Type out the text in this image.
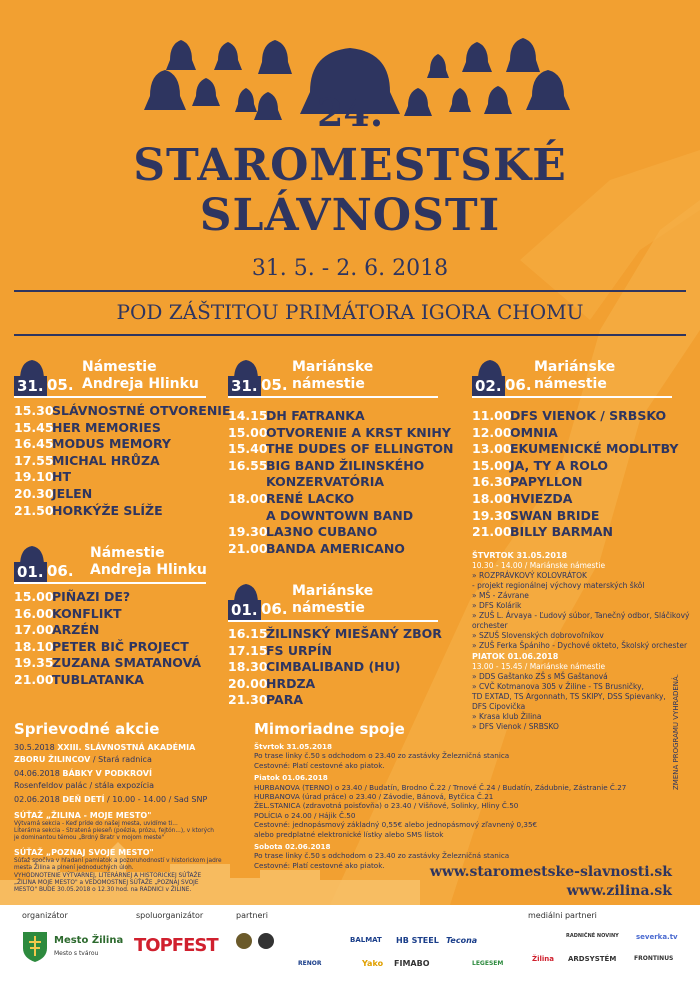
24.
STAROMESTSKÉ
SLÁVNOSTI
31. 5. - 2. 6. 2018
POD ZÁŠTITOU PRIMÁTORA IGORA CHOMU
31. 05.
Námestie
Andreja Hlinku
15.30
SLÁVNOSTNÉ OTVORENIE
15.45
HER MEMORIES
16.45
MODUS MEMORY
17.55
MICHAL HRŮZA
19.10
HT
20.30
JELEN
21.50
HORKÝŽE SLÍŽE
01. 06.
Námestie
Andreja Hlinku
15.00
PIÑAZI DE?
16.00
KONFLIKT
17.00
ARZÉN
18.10
PETER BIČ PROJECT
19.35
ZUZANA SMATANOVÁ
21.00
TUBLATANKA
31. 05.
Mariánske
námestie
14.15
DH FATRANKA
15.00
OTVORENIE A KRST KNIHY
15.40
THE DUDES OF ELLINGTON
16.55
BIG BAND ŽILINSKÉHO
KONZERVATÓRIA
18.00
RENÉ LACKO
A DOWNTOWN BAND
19.30
LA3NO CUBANO
21.00
BANDA AMERICANO
01. 06.
Mariánske
námestie
16.15
ŽILINSKÝ MIEŠANÝ ZBOR
17.15
FS URPÍN
18.30
CIMBALIBAND (HU)
20.00
HRDZA
21.30
PARA
02. 06.
Mariánske
námestie
11.00
DFS VIENOK / SRBSKO
12.00
OMNIA
13.00
EKUMENICKÉ MODLITBY
15.00
JA, TY A ROLO
16.30
PAPYLLON
18.00
HVIEZDA
19.30
SWAN BRIDE
21.00
BILLY BARMAN
ŠTVRTOK 31.05.2018
10.30 - 14.00 / Mariánske námestie
» ROZPRÁVKOVÝ KOLOVRÁTOK
- projekt regionálnej výchovy materských škôl
» MŠ - Závrane
» DFS Kolárik
» ZUŠ L. Árvaya - Ľudový súbor, Tanečný odbor, Sláčikový
orchester
» SZUŠ Slovenských dobrovoľníkov
» ZUŠ Ferka Špániho - Dychové okteto, Školský orchester
PIATOK 01.06.2018
13.00 - 15.45 / Mariánske námestie
» DDS Gaštanko ZŠ s MŠ Gaštanová
» CVČ Kotmanova 305 v Žiline - TS Brusničky,
TD EXTAD, TS Argonnath, TS SKIPY, DSS Spievanky,
DFS Cipovička
» Krasa klub Žilina
» DFS Vienok / SRBSKO
Sprievodné akcie
30.5.2018 XXIII. SLÁVNOSTNÁ AKADÉMIA
ZBORU ŽILINCOV / Stará radnica
04.06.2018 BÁBKY V PODKROVÍ
Rosenfeldov palác / stála expozícia
02.06.2018 DEŇ DETÍ / 10.00 - 14.00 / Sad SNP
SÚŤAŽ „ŽILINA - MOJE MESTO"
Výtvarná sekcia - Keď príde do našej mesta, uvidíme ti...
Literárna sekcia - Stratená pieseň (poézia, prózu, fejtón...), v ktorých
je dominantou témou „Brdný Bratr v mojom meste"
SÚŤAŽ „POZNAJ SVOJE MESTO"
Súťaž spočíva v hľadaní pamiatok a pozoruhodností v historickom jadre
mesta Žilina a plnení jednoduchých úloh.
VYHODNOTENIE VÝTVARNEJ, LITERÁRNEJ A HISTORICKEJ SÚŤAŽE
„ŽILINA MOJE MESTO" a VEDOMOSTNEJ SÚŤAŽE „POZNAJ SVOJE
MESTO" BUDE 30.05.2018 o 12.30 hod. na RADNICI v ŽILINE.
Mimoriadne spoje
Štvrtok 31.05.2018
Po trase linky č.50 s odchodom o 23.40 zo zastávky Železničná stanica
Cestovné: Platí cestovné ako piatok.
Piatok 01.06.2018
HURBANOVA (TERNO) o 23.40 / Budatín, Brodno Č.22 / Trnové Č.24 / Budatín, Zádubnie, Zástranie Č.27
HURBANOVA (úrad práce) o 23.40 / Závodie, Bánová, Bytčica Č.21
ŽEL.STANICA (zdravotná poisťovňa) o 23.40 / Višňové, Solinky, Hliny Č.50
POLÍCIA o 24.00 / Hájik Č.50
Cestovné: jednopásmový základný 0,55€ alebo jednopásmový zľavnený 0,35€
alebo predplatné elektronické lístky alebo SMS lístok
Sobota 02.06.2018
Po trase linky č.50 s odchodom o 23.40 zo zastávky Železničná stanica
Cestovné: Platí cestovné ako piatok.
ZMENA PROGRAMU VYHRADENÁ.
www.staromestske-slavnosti.sk
www.zilina.sk
organizátor
Mesto Žilina
Mesto s tvárou
spoluorganizátor
TOPFEST
partneri
BALMAT HB STEEL Tecona
RENOR	Yako FIMABO	LEGESEM
mediálni partneri
RADNIČNÉ NOVINY severka.tv
Žilina ARDSYSTÉM	FRONTINUS
